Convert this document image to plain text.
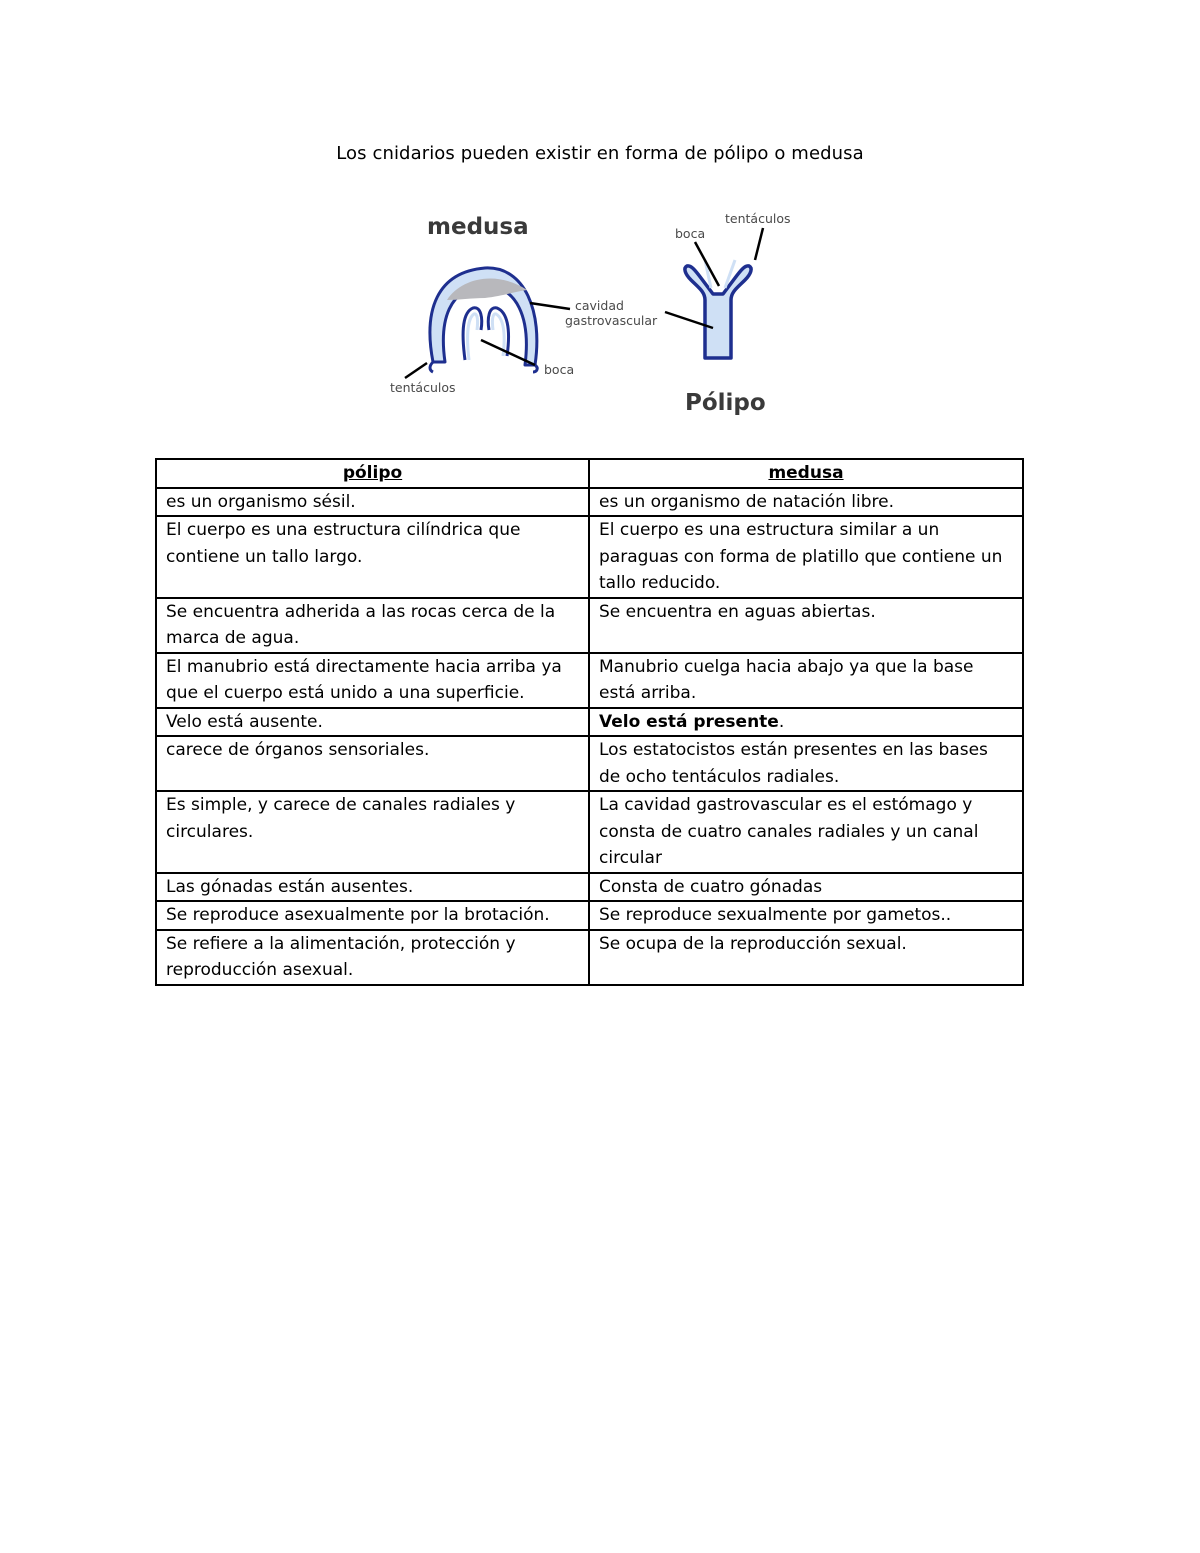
Los cnidarios pueden existir en forma de pólipo o medusa
medusa
cavidad
gastrovascular
boca
tentáculos
boca
tentáculos
Pólipo
pólipo	medusa
es un organismo sésil.	es un organismo de natación libre.
El cuerpo es una estructura cilíndrica que contiene un tallo largo.	El cuerpo es una estructura similar a un paraguas con forma de platillo que contiene un tallo reducido.
Se encuentra adherida a las rocas cerca de la marca de agua.	Se encuentra en aguas abiertas.
El manubrio está directamente hacia arriba ya que el cuerpo está unido a una superficie.	Manubrio cuelga hacia abajo ya que la base está arriba.
Velo está ausente.	Velo está presente.
carece de órganos sensoriales.	Los estatocistos están presentes en las bases de ocho tentáculos radiales.
Es simple, y carece de canales radiales y circulares.	La cavidad gastrovascular es el estómago y consta de cuatro canales radiales y un canal circular
Las gónadas están ausentes.	Consta de cuatro gónadas
Se reproduce asexualmente por la brotación.	Se reproduce sexualmente por gametos..
Se refiere a la alimentación, protección y reproducción asexual.	Se ocupa de la reproducción sexual.
